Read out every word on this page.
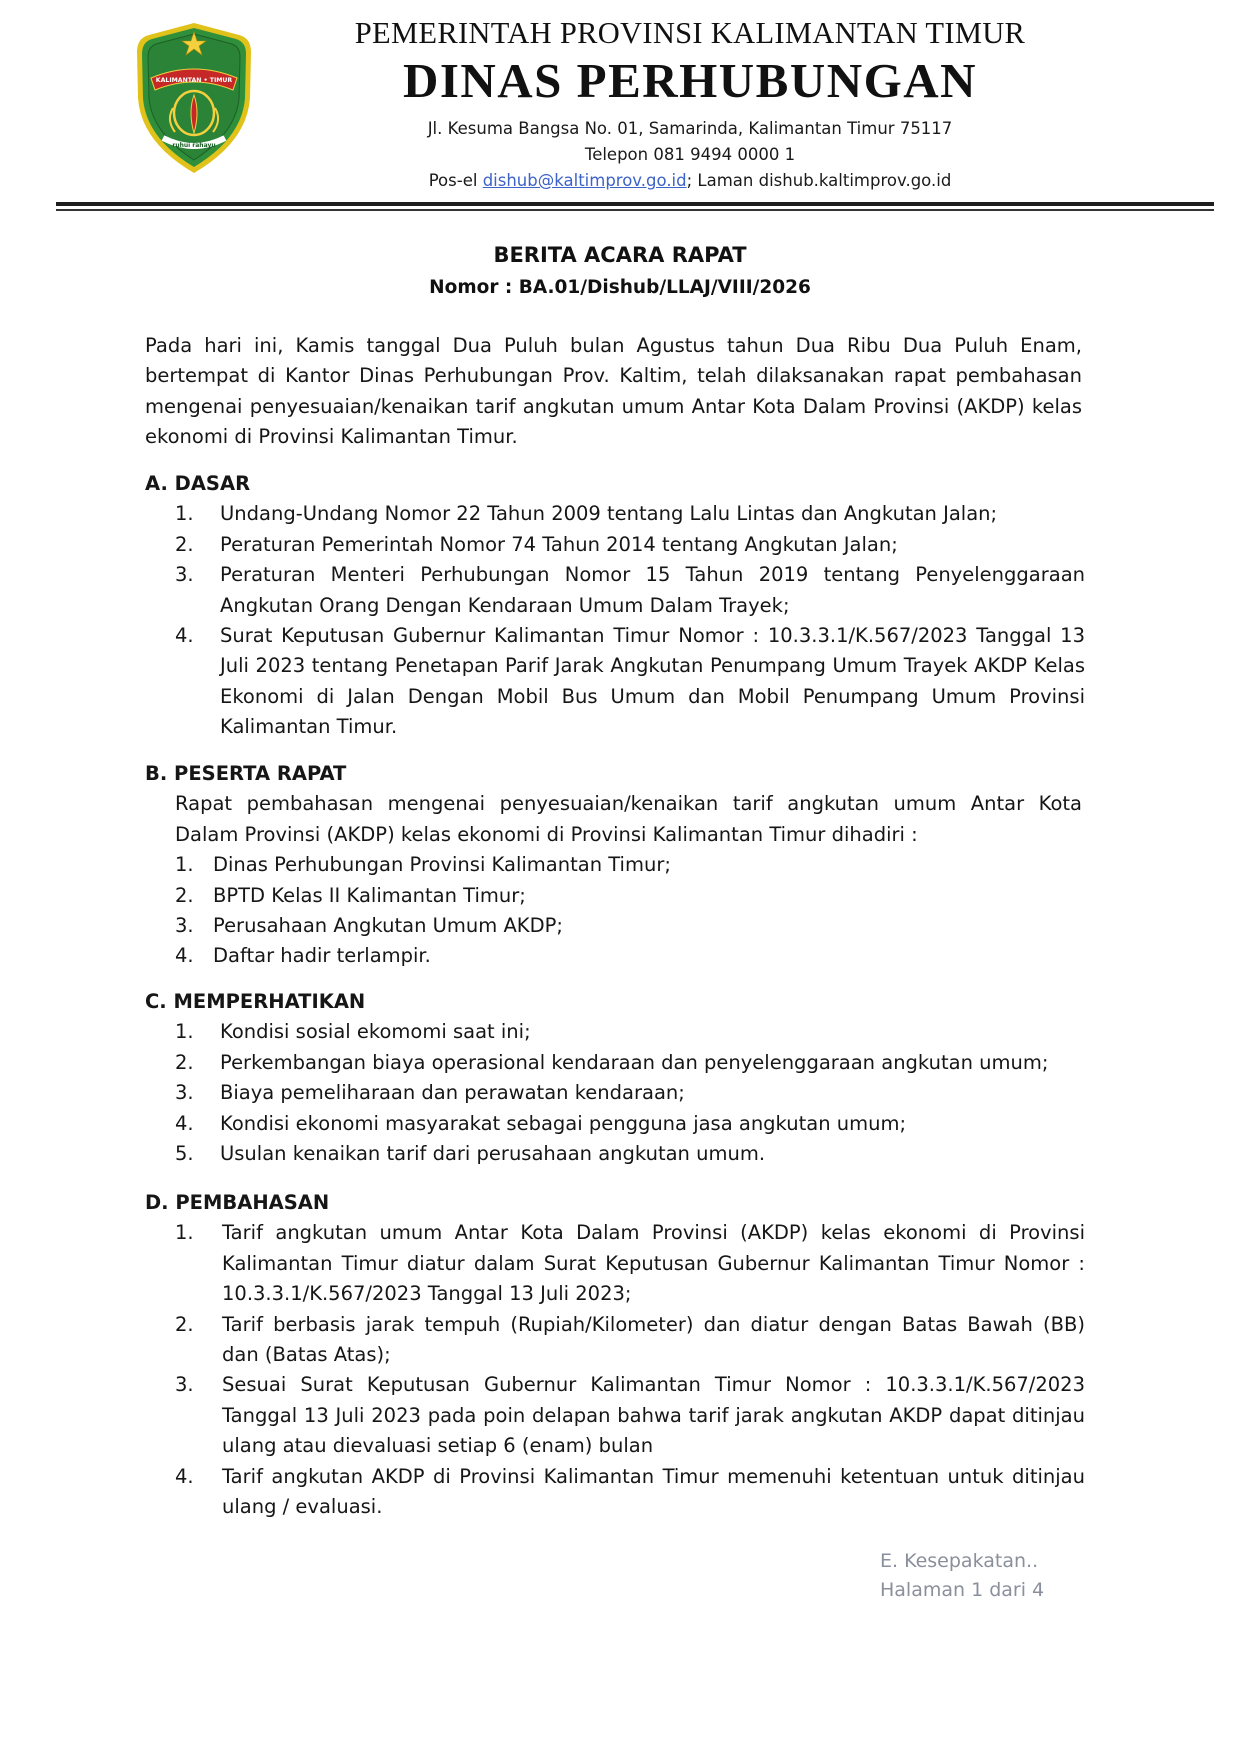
KALIMANTAN • TIMUR
ruhui rahayu
PEMERINTAH PROVINSI KALIMANTAN TIMUR
DINAS PERHUBUNGAN
Jl. Kesuma Bangsa No. 01, Samarinda, Kalimantan Timur 75117
Telepon 081 9494 0000 1
Pos-el dishub@kaltimprov.go.id; Laman dishub.kaltimprov.go.id
BERITA ACARA RAPAT
Nomor : BA.01/Dishub/LLAJ/VIII/2026

Pada hari ini, Kamis tanggal Dua Puluh bulan Agustus tahun Dua Ribu Dua Puluh Enam, bertempat di Kantor Dinas Perhubungan Prov. Kaltim, telah dilaksanakan rapat pembahasan mengenai penyesuaian/kenaikan tarif angkutan umum Antar Kota Dalam Provinsi (AKDP) kelas ekonomi di Provinsi Kalimantan Timur.

A. DASAR

1. Undang-Undang Nomor 22 Tahun 2009 tentang Lalu Lintas dan Angkutan Jalan;
2. Peraturan Pemerintah Nomor 74 Tahun 2014 tentang Angkutan Jalan;
3. Peraturan Menteri Perhubungan Nomor 15 Tahun 2019 tentang Penyelenggaraan Angkutan Orang Dengan Kendaraan Umum Dalam Trayek;
4. Surat Keputusan Gubernur Kalimantan Timur Nomor : 10.3.3.1/K.567/2023 Tanggal 13 Juli 2023 tentang Penetapan Parif Jarak Angkutan Penumpang Umum Trayek AKDP Kelas Ekonomi di Jalan Dengan Mobil Bus Umum dan Mobil Penumpang Umum Provinsi Kalimantan Timur.

B. PESERTA RAPAT

Rapat pembahasan mengenai penyesuaian/kenaikan tarif angkutan umum Antar Kota Dalam Provinsi (AKDP) kelas ekonomi di Provinsi Kalimantan Timur dihadiri :

1. Dinas Perhubungan Provinsi Kalimantan Timur;
2. BPTD Kelas II Kalimantan Timur;
3. Perusahaan Angkutan Umum AKDP;
4. Daftar hadir terlampir.

C. MEMPERHATIKAN

1. Kondisi sosial ekomomi saat ini;
2. Perkembangan biaya operasional kendaraan dan penyelenggaraan angkutan umum;
3. Biaya pemeliharaan dan perawatan kendaraan;
4. Kondisi ekonomi masyarakat sebagai pengguna jasa angkutan umum;
5. Usulan kenaikan tarif dari perusahaan angkutan umum.

D. PEMBAHASAN

1. Tarif angkutan umum Antar Kota Dalam Provinsi (AKDP) kelas ekonomi di Provinsi Kalimantan Timur diatur dalam Surat Keputusan Gubernur Kalimantan Timur Nomor : 10.3.3.1/K.567/2023 Tanggal 13 Juli 2023;
2. Tarif berbasis jarak tempuh (Rupiah/Kilometer) dan diatur dengan Batas Bawah (BB) dan (Batas Atas);
3. Sesuai Surat Keputusan Gubernur Kalimantan Timur Nomor : 10.3.3.1/K.567/2023 Tanggal 13 Juli 2023 pada poin delapan bahwa tarif jarak angkutan AKDP dapat ditinjau ulang atau dievaluasi setiap 6 (enam) bulan
4. Tarif angkutan AKDP di Provinsi Kalimantan Timur memenuhi ketentuan untuk ditinjau ulang / evaluasi.
E. Kesepakatan..
Halaman 1 dari 4
